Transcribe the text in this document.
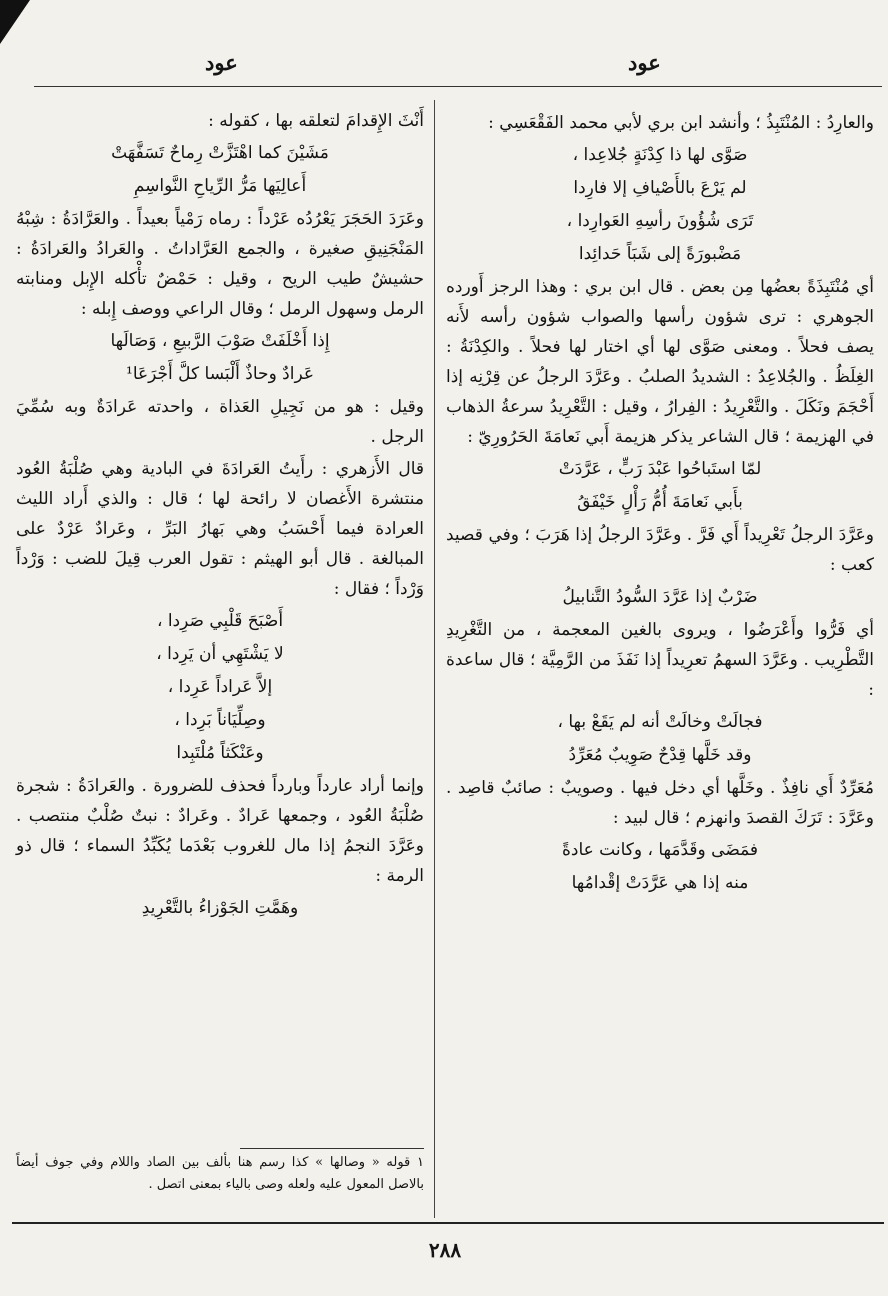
عود	عود

والعارِدُ : المُنْتَبِذُ ؛ وأنشد ابن بري لأبي محمد الفَقْعَسِي :

صَوَّى لها ذا كِدْنَةٍ جُلاعِدا ،

لم يَرْعَ بالأَصْيافِ إلا فارِدا

تَرَى شُؤُونَ رأسِهِ العَوارِدا ،

مَضْبورَةً إلى شَبَاً حَدائِدا

أي مُنْتَبِذَةً بعضُها مِن بعض . قال ابن بري : وهذا الرجز أَورده الجوهري : ترى شؤون رأسها والصواب شؤون رأسه لأَنه يصف فحلاً . ومعنى صَوَّى لها أي اختار لها فحلاً . والكِدْنَةُ : الغِلَظُ . والجُلاعِدُ : الشديدُ الصلبُ . وعَرَّدَ الرجلُ عن قِرْنِه إذا أَحْجَمَ ونَكَلَ . والتَّعْرِيدُ : الفِرارُ ، وقيل : التَّعْرِيدُ سرعةُ الذهاب في الهزيمة ؛ قال الشاعر يذكر هزيمة أَبي نَعامَةَ الحَرُورِيّ :

لمّا استَباحُوا عَبْدَ رَبٍّ ، عَرَّدَتْ

بأَبي نَعامَةَ أُمُّ رَأْلٍ خَيْفَقُ

وعَرَّدَ الرجلُ تَعْرِيداً أَي فَرَّ . وعَرَّدَ الرجلُ إذا هَرَبَ ؛ وفي قصيد كعب :

ضَرْبٌ إذا عَرَّدَ السُّودُ التَّنابيلُ

أي فَرُّوا وأَعْرَضُوا ، ويروى بالغين المعجمة ، من التَّغْرِيدِ التَّطْرِيب . وعَرَّدَ السهمُ تعرِيداً إذا نَفَذَ من الرَّمِيَّة ؛ قال ساعدة :

فجالَتْ وخالَتْ أنه لم يَقَعْ بها ،

وقد خَلَّها قِدْحٌ صَوِيبٌ مُعَرِّدُ

مُعَرِّدٌ أَي نافِذٌ . وخَلَّها أي دخل فيها . وصويبٌ : صائبٌ قاصِد . وعَرَّدَ : تَرَكَ القصدَ وانهزم ؛ قال لبيد :

فمَضَى وقَدَّمَها ، وكانت عادةً

منه إذا هي عَرَّدَتْ إقْدامُها

أَنْثَ الإِقدامَ لتعلقه بها ، كقوله :

مَشَيْنَ كما اهْتَزَّتْ رِماحٌ تَسَفَّهَتْ

أَعالِيَها مَرُّ الرِّياحِ النَّواسِمِ

وعَرَدَ الحَجَرَ يَعْرُدُه عَرْداً : رماه رَمْياً بعيداً . والعَرَّادَةُ : شِبْهُ المَنْجَنِيقِ صغيرة ، والجمع العَرَّاداتُ . والعَرادُ والعَرادَةُ : حشيشٌ طيب الريح ، وقيل : حَمْضٌ تأْكله الإِبل ومنابته الرمل وسهول الرمل ؛ وقال الراعي ووصف إِبله :

إِذا أَخْلَفَتْ صَوْبَ الرَّبيعِ ، وَصَالَها

عَرادٌ وحاذٌ أَلْبَسا كلَّ أَجْرَعَا¹

وقيل : هو من نَجِيلِ العَذاة ، واحدته عَرادَةٌ وبه سُمِّيَ الرجل .

قال الأَزهري : رأَيتُ العَرادَةَ في البادية وهي صُلْبَةُ العُود منتشرة الأَغصان لا رائحة لها ؛ قال : والذي أَراد الليث العرادة فيما أَحْسَبُ وهي بَهارُ البَرِّ ، وعَرادٌ عَرْدٌ على المبالغة . قال أبو الهيثم : تقول العرب قِيلَ للضب : وَرْداً وَرْداً ؛ فقال :

أَصْبَحَ قَلْبِي صَرِدا ،

لا يَشْتَهِي أن يَرِدا ،

إلاَّ عَراداً عَرِدا ،

وصِلِّيَاناً بَرِدا ،

وعَنْكَثاً مُلْتَبِدا

وإنما أراد عارداً وبارداً فحذف للضرورة . والعَرادَةُ : شجرة صُلْبَةُ العُود ، وجمعها عَرادٌ . وعَرادٌ : نبتٌ صُلْبٌ منتصب . وعَرَّدَ النجمُ إذا مال للغروب بَعْدَما يُكَبِّدُ السماء ؛ قال ذو الرمة :

وهَمَّتِ الجَوْزاءُ بالتَّعْرِيدِ

١ قوله « وصالها » كذا رسم هنا بألف بين الصاد واللام وفي جوف أيضاً بالاصل المعول عليه ولعله وصى بالياء بمعنى اتصل .
٢٨٨
